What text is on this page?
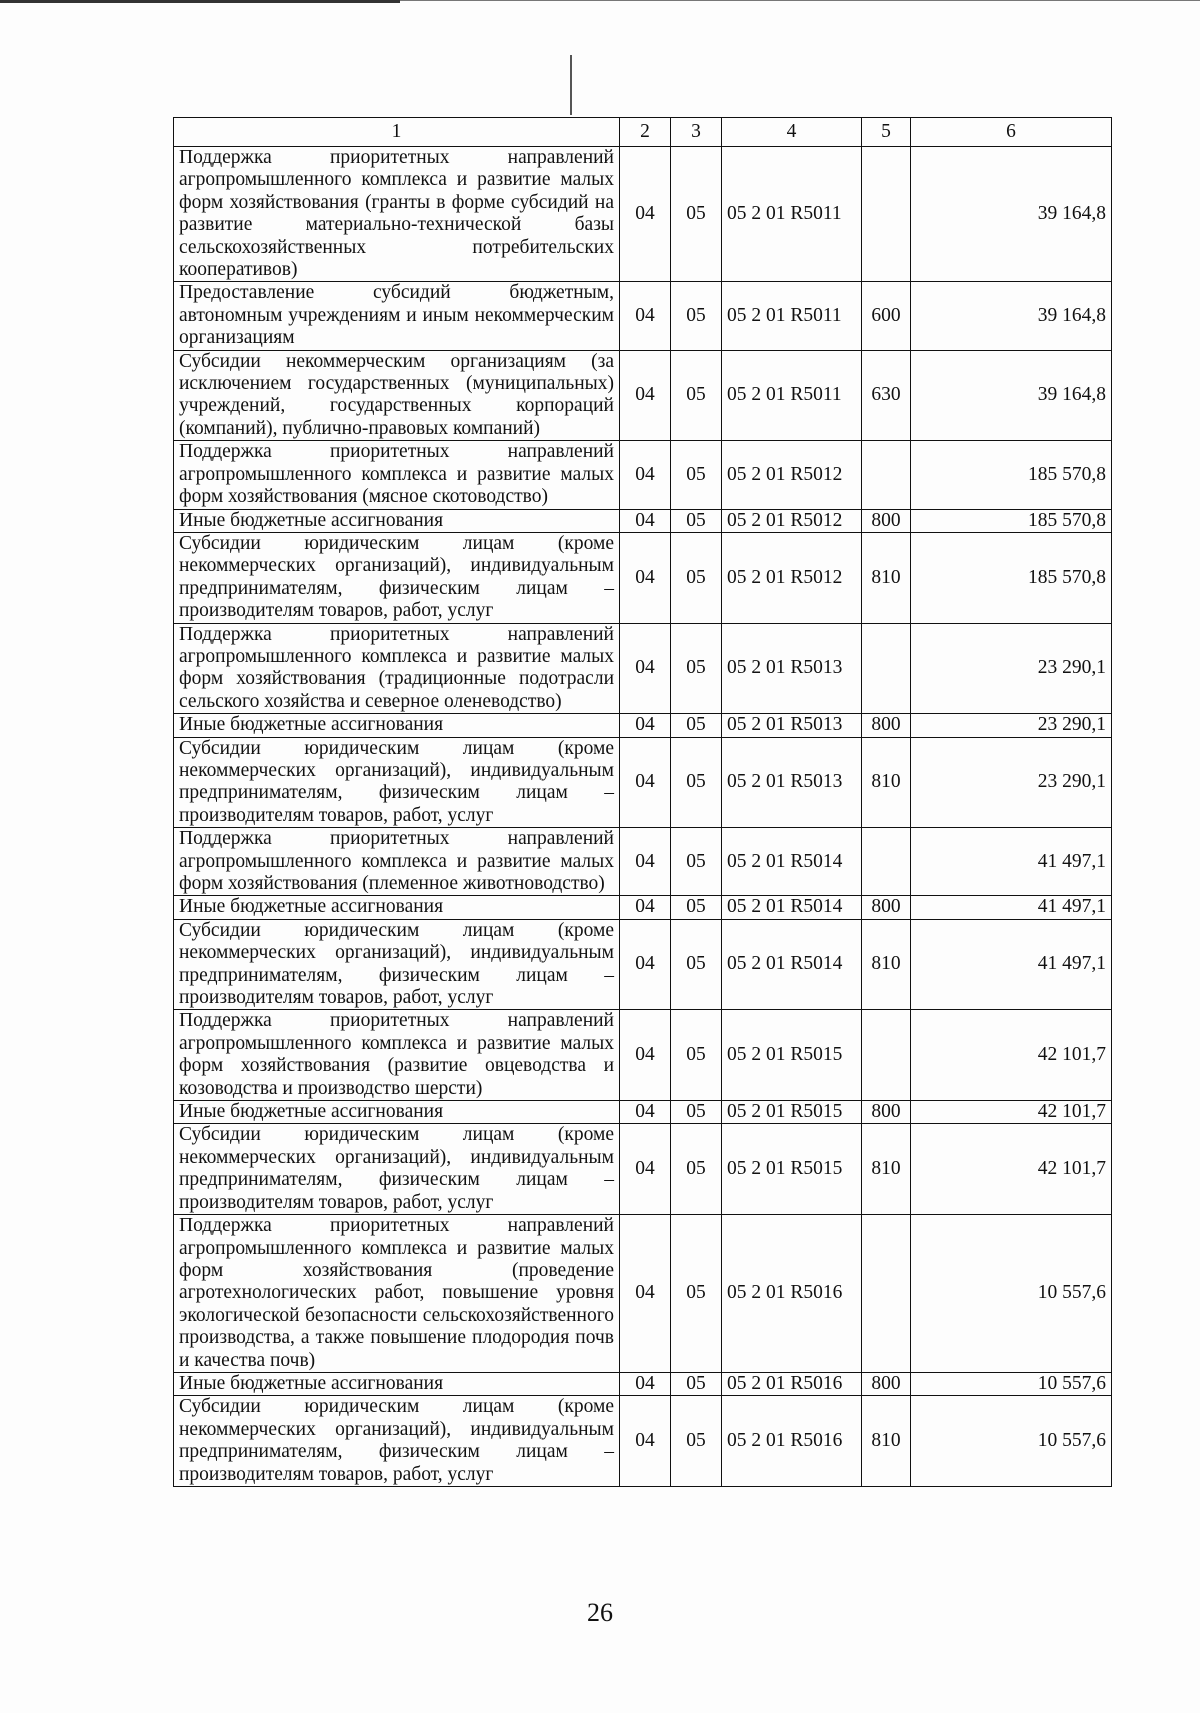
1	2	3	4	5	6
Поддержка приоритетных направлений агропромышленного комплекса и развитие малых форм хозяйствования (гранты в форме субсидий на развитие материально-технической базы сельскохозяйственных потребительских кооперативов)	04	05	05 2 01 R5011		39 164,8
Предоставление субсидий бюджетным, автономным учреждениям и иным некоммерческим организациям	04	05	05 2 01 R5011	600	39 164,8
Субсидии некоммерческим организациям (за исключением государственных (муниципальных) учреждений, государственных корпораций (компаний), публично-правовых компаний)	04	05	05 2 01 R5011	630	39 164,8
Поддержка приоритетных направлений агропромышленного комплекса и развитие малых форм хозяйствования (мясное скотоводство)	04	05	05 2 01 R5012		185 570,8
Иные бюджетные ассигнования	04	05	05 2 01 R5012	800	185 570,8
Субсидии юридическим лицам (кроме некоммерческих организаций), индивидуальным предпринимателям, физическим лицам – производителям товаров, работ, услуг	04	05	05 2 01 R5012	810	185 570,8
Поддержка приоритетных направлений агропромышленного комплекса и развитие малых форм хозяйствования (традиционные подотрасли сельского хозяйства и северное оленеводство)	04	05	05 2 01 R5013		23 290,1
Иные бюджетные ассигнования	04	05	05 2 01 R5013	800	23 290,1
Субсидии юридическим лицам (кроме некоммерческих организаций), индивидуальным предпринимателям, физическим лицам – производителям товаров, работ, услуг	04	05	05 2 01 R5013	810	23 290,1
Поддержка приоритетных направлений агропромышленного комплекса и развитие малых форм хозяйствования (племенное животноводство)	04	05	05 2 01 R5014		41 497,1
Иные бюджетные ассигнования	04	05	05 2 01 R5014	800	41 497,1
Субсидии юридическим лицам (кроме некоммерческих организаций), индивидуальным предпринимателям, физическим лицам – производителям товаров, работ, услуг	04	05	05 2 01 R5014	810	41 497,1
Поддержка приоритетных направлений агропромышленного комплекса и развитие малых форм хозяйствования (развитие овцеводства и козоводства и производство шерсти)	04	05	05 2 01 R5015		42 101,7
Иные бюджетные ассигнования	04	05	05 2 01 R5015	800	42 101,7
Субсидии юридическим лицам (кроме некоммерческих организаций), индивидуальным предпринимателям, физическим лицам – производителям товаров, работ, услуг	04	05	05 2 01 R5015	810	42 101,7
Поддержка приоритетных направлений агропромышленного комплекса и развитие малых форм хозяйствования (проведение агротехнологических работ, повышение уровня экологической безопасности сельскохозяйственного производства, а также повышение плодородия почв и качества почв)	04	05	05 2 01 R5016		10 557,6
Иные бюджетные ассигнования	04	05	05 2 01 R5016	800	10 557,6
Субсидии юридическим лицам (кроме некоммерческих организаций), индивидуальным предпринимателям, физическим лицам – производителям товаров, работ, услуг	04	05	05 2 01 R5016	810	10 557,6
26
